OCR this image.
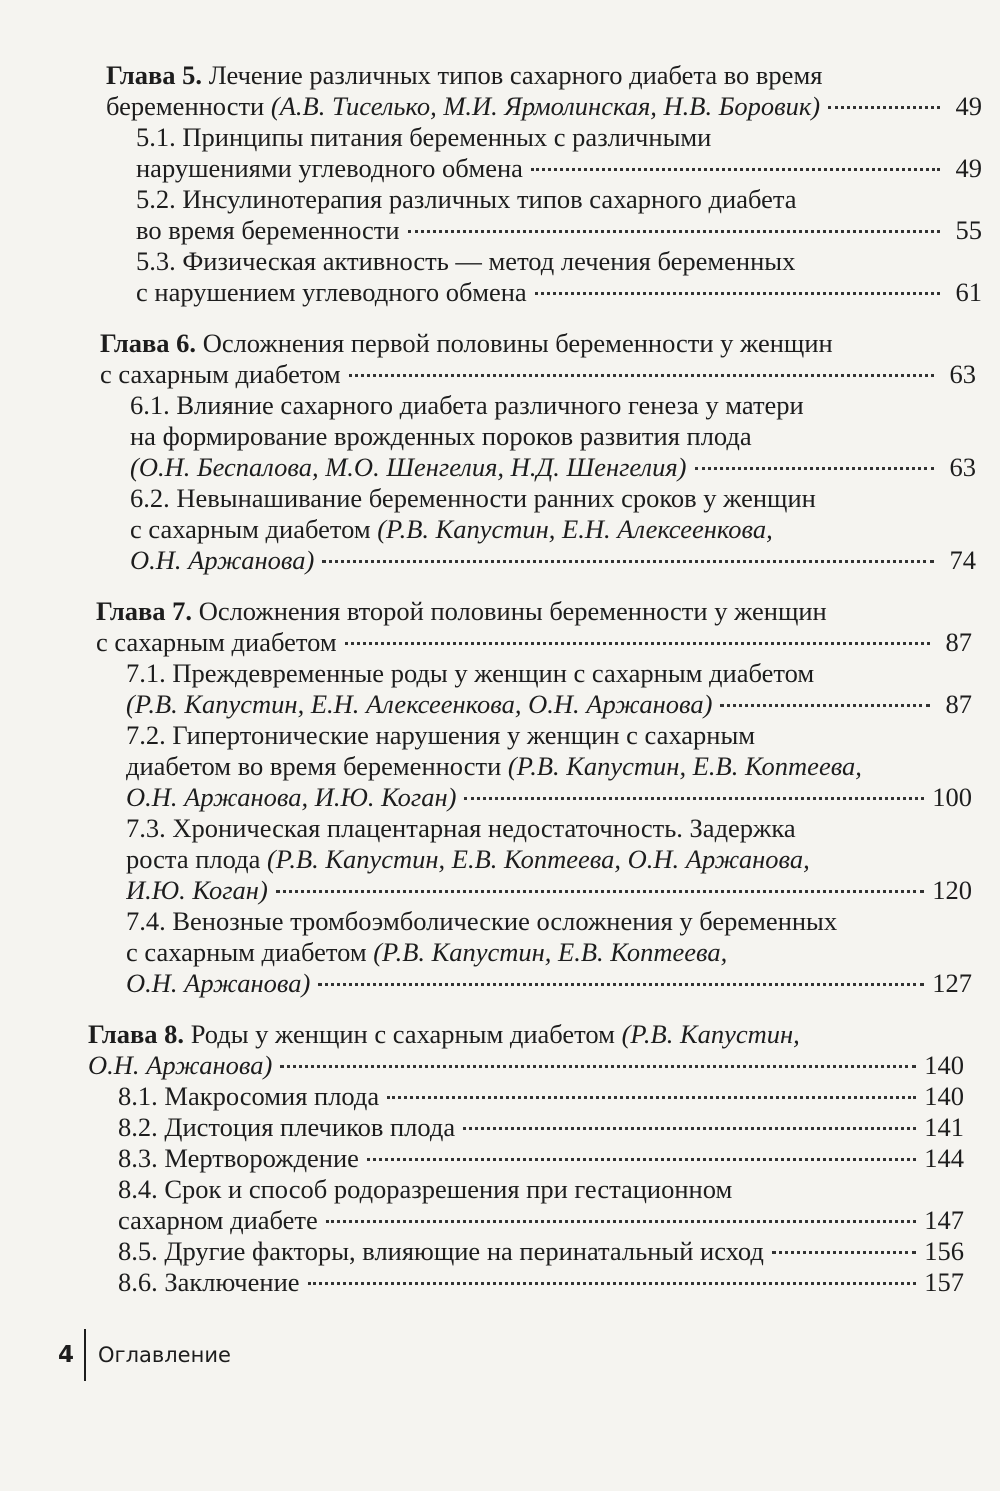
Глава 5. Лечение различных типов сахарного диабета во время
беременности (А.В. Тиселько, М.И. Ярмолинская, Н.В. Боровик)	49
5.1. Принципы питания беременных с различными
нарушениями углеводного обмена	49
5.2. Инсулинотерапия различных типов сахарного диабета
во время беременности	55
5.3. Физическая активность — метод лечения беременных
с нарушением углеводного обмена	61
Глава 6. Осложнения первой половины беременности у женщин
с сахарным диабетом	63
6.1. Влияние сахарного диабета различного генеза у матери
на формирование врожденных пороков развития плода
(О.Н. Беспалова, М.О. Шенгелия, Н.Д. Шенгелия)	63
6.2. Невынашивание беременности ранних сроков у женщин
с сахарным диабетом (Р.В. Капустин, Е.Н. Алексеенкова,
О.Н. Аржанова)	74
Глава 7. Осложнения второй половины беременности у женщин
с сахарным диабетом	87
7.1. Преждевременные роды у женщин с сахарным диабетом
(Р.В. Капустин, Е.Н. Алексеенкова, О.Н. Аржанова)	87
7.2. Гипертонические нарушения у женщин с сахарным
диабетом во время беременности (Р.В. Капустин, Е.В. Коптеева,
О.Н. Аржанова, И.Ю. Коган)	100
7.3. Хроническая плацентарная недостаточность. Задержка
роста плода (Р.В. Капустин, Е.В. Коптеева, О.Н. Аржанова,
И.Ю. Коган)	120
7.4. Венозные тромбоэмболические осложнения у беременных
с сахарным диабетом (Р.В. Капустин, Е.В. Коптеева,
О.Н. Аржанова)	127
Глава 8. Роды у женщин с сахарным диабетом (Р.В. Капустин,
О.Н. Аржанова)	140
8.1. Макросомия плода	140
8.2. Дистоция плечиков плода	141
8.3. Мертворождение	144
8.4. Срок и способ родоразрешения при гестационном
сахарном диабете	147
8.5. Другие факторы, влияющие на перинатальный исход	156
8.6. Заключение	157
4 Оглавление
